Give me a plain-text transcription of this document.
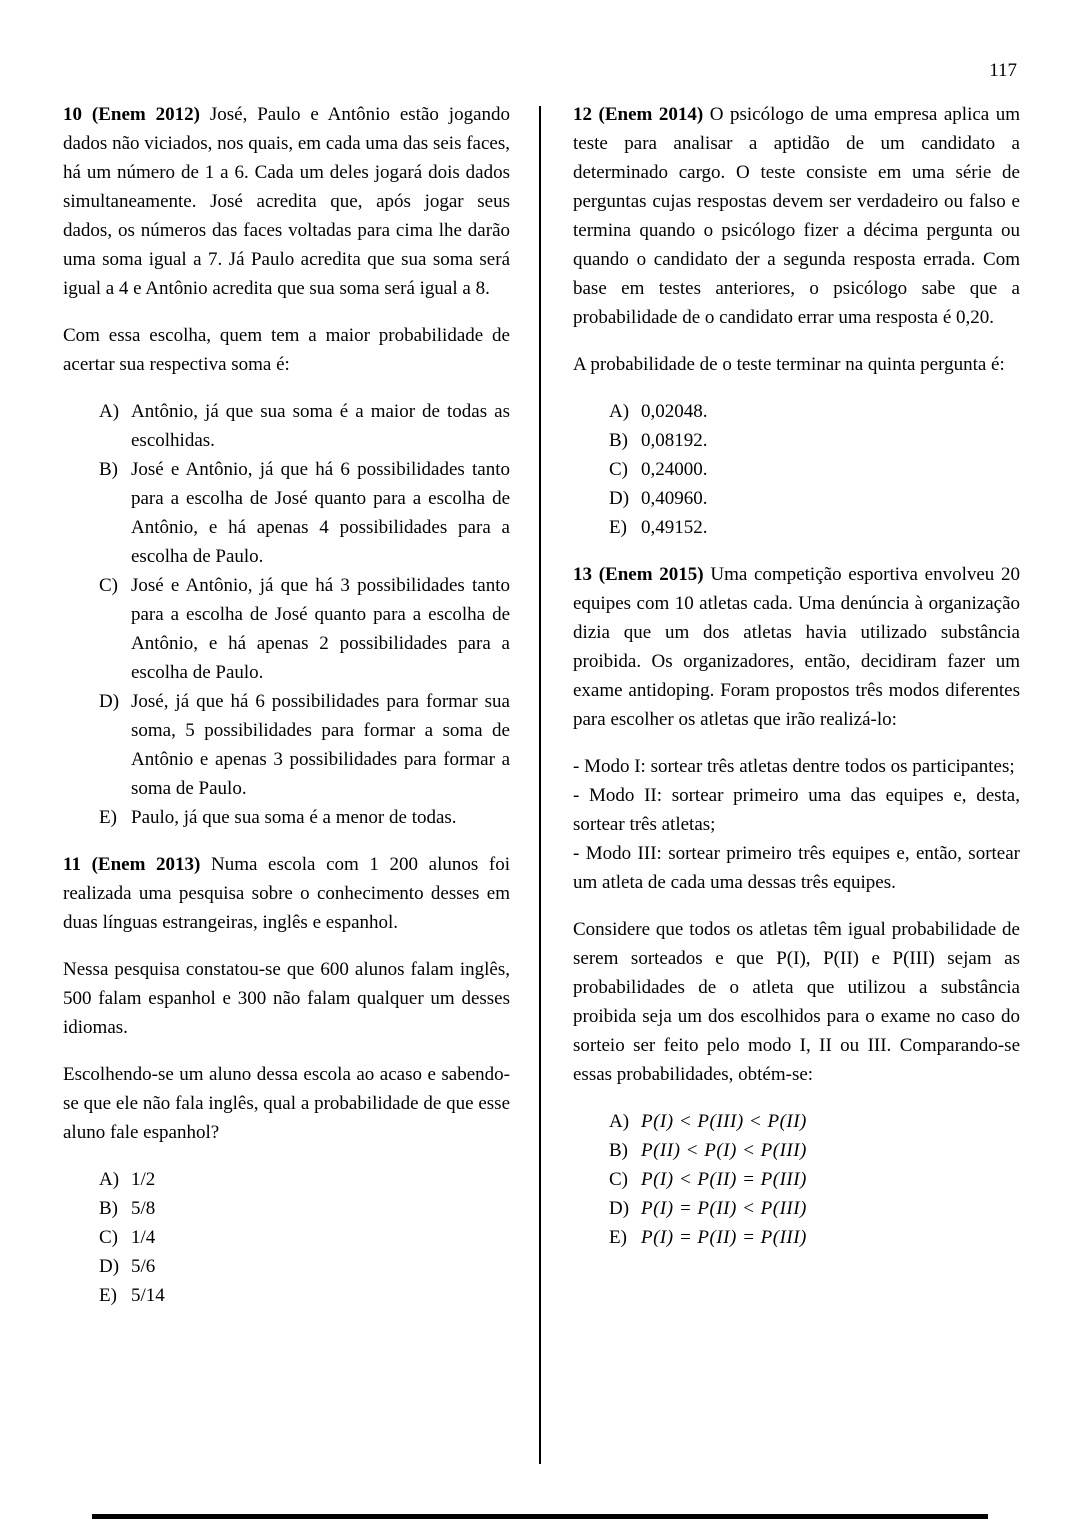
117

10 (Enem 2012) José, Paulo e Antônio estão jogando dados não viciados, nos quais, em cada uma das seis faces, há um número de 1 a 6. Cada um deles jogará dois dados simultaneamente. José acredita que, após jogar seus dados, os números das faces voltadas para cima lhe darão uma soma igual a 7. Já Paulo acredita que sua soma será igual a 4 e Antônio acredita que sua soma será igual a 8.

Com essa escolha, quem tem a maior probabilidade de acertar sua respectiva soma é:

A) Antônio, já que sua soma é a maior de todas as escolhidas.
B) José e Antônio, já que há 6 possibilidades tanto para a escolha de José quanto para a escolha de Antônio, e há apenas 4 possibilidades para a escolha de Paulo.
C) José e Antônio, já que há 3 possibilidades tanto para a escolha de José quanto para a escolha de Antônio, e há apenas 2 possibilidades para a escolha de Paulo.
D) José, já que há 6 possibilidades para formar sua soma, 5 possibilidades para formar a soma de Antônio e apenas 3 possibilidades para formar a soma de Paulo.
E) Paulo, já que sua soma é a menor de todas.

11 (Enem 2013) Numa escola com 1 200 alunos foi realizada uma pesquisa sobre o conhecimento desses em duas línguas estrangeiras, inglês e espanhol.

Nessa pesquisa constatou-se que 600 alunos falam inglês, 500 falam espanhol e 300 não falam qualquer um desses idiomas.

Escolhendo-se um aluno dessa escola ao acaso e sabendo-se que ele não fala inglês, qual a probabilidade de que esse aluno fale espanhol?

A) 1/2
B) 5/8
C) 1/4
D) 5/6
E) 5/14

12 (Enem 2014) O psicólogo de uma empresa aplica um teste para analisar a aptidão de um candidato a determinado cargo. O teste consiste em uma série de perguntas cujas respostas devem ser verdadeiro ou falso e termina quando o psicólogo fizer a décima pergunta ou quando o candidato der a segunda resposta errada. Com base em testes anteriores, o psicólogo sabe que a probabilidade de o candidato errar uma resposta é 0,20.

A probabilidade de o teste terminar na quinta pergunta é:

A) 0,02048.
B) 0,08192.
C) 0,24000.
D) 0,40960.
E) 0,49152.

13 (Enem 2015) Uma competição esportiva envolveu 20 equipes com 10 atletas cada. Uma denúncia à organização dizia que um dos atletas havia utilizado substância proibida. Os organizadores, então, decidiram fazer um exame antidoping. Foram propostos três modos diferentes para escolher os atletas que irão realizá-lo:

- Modo I: sortear três atletas dentre todos os participantes;

- Modo II: sortear primeiro uma das equipes e, desta, sortear três atletas;

- Modo III: sortear primeiro três equipes e, então, sortear um atleta de cada uma dessas três equipes.

Considere que todos os atletas têm igual probabilidade de serem sorteados e que P(I), P(II) e P(III) sejam as probabilidades de o atleta que utilizou a substância proibida seja um dos escolhidos para o exame no caso do sorteio ser feito pelo modo I, II ou III. Comparando-se essas probabilidades, obtém-se:

A) P(I) < P(III) < P(II)
B) P(II) < P(I) < P(III)
C) P(I) < P(II) = P(III)
D) P(I) = P(II) < P(III)
E) P(I) = P(II) = P(III)
